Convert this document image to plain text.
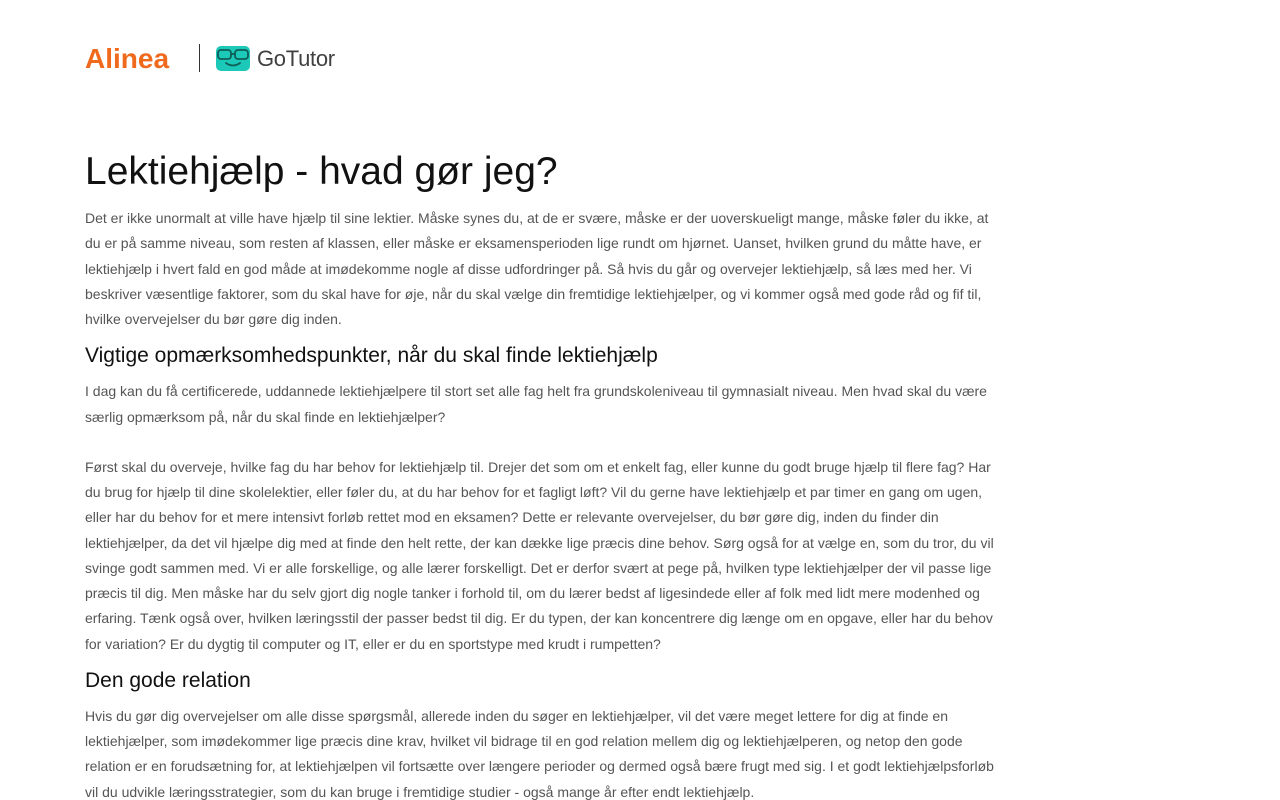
Alinea	GoTutor
Lektiehjælp - hvad gør jeg?

Det er ikke unormalt at ville have hjælp til sine lektier. Måske synes du, at de er svære, måske er der uoverskueligt mange, måske føler du ikke, at du er på samme niveau, som resten af klassen, eller måske er eksamensperioden lige rundt om hjørnet. Uanset, hvilken grund du måtte have, er lektiehjælp i hvert fald en god måde at imødekomme nogle af disse udfordringer på. Så hvis du går og overvejer lektiehjælp, så læs med her. Vi beskriver væsentlige faktorer, som du skal have for øje, når du skal vælge din fremtidige lektiehjælper, og vi kommer også med gode råd og fif til, hvilke overvejelser du bør gøre dig inden.

Vigtige opmærksomhedspunkter, når du skal finde lektiehjælp

I dag kan du få certificerede, uddannede lektiehjælpere til stort set alle fag helt fra grundskoleniveau til gymnasialt niveau. Men hvad skal du være særlig opmærksom på, når du skal finde en lektiehjælper?

Først skal du overveje, hvilke fag du har behov for lektiehjælp til. Drejer det som om et enkelt fag, eller kunne du godt bruge hjælp til flere fag? Har du brug for hjælp til dine skolelektier, eller føler du, at du har behov for et fagligt løft? Vil du gerne have lektiehjælp et par timer en gang om ugen, eller har du behov for et mere intensivt forløb rettet mod en eksamen? Dette er relevante overvejelser, du bør gøre dig, inden du finder din lektiehjælper, da det vil hjælpe dig med at finde den helt rette, der kan dække lige præcis dine behov. Sørg også for at vælge en, som du tror, du vil svinge godt sammen med. Vi er alle forskellige, og alle lærer forskelligt. Det er derfor svært at pege på, hvilken type lektiehjælper der vil passe lige præcis til dig. Men måske har du selv gjort dig nogle tanker i forhold til, om du lærer bedst af ligesindede eller af folk med lidt mere modenhed og erfaring. Tænk også over, hvilken læringsstil der passer bedst til dig. Er du typen, der kan koncentrere dig længe om en opgave, eller har du behov for variation? Er du dygtig til computer og IT, eller er du en sportstype med krudt i rumpetten?

Den gode relation

Hvis du gør dig overvejelser om alle disse spørgsmål, allerede inden du søger en lektiehjælper, vil det være meget lettere for dig at finde en lektiehjælper, som imødekommer lige præcis dine krav, hvilket vil bidrage til en god relation mellem dig og lektiehjælperen, og netop den gode relation er en forudsætning for, at lektiehjælpen vil fortsætte over længere perioder og dermed også bære frugt med sig. I et godt lektiehjælpsforløb vil du udvikle læringsstrategier, som du kan bruge i fremtidige studier - også mange år efter endt lektiehjælp.
